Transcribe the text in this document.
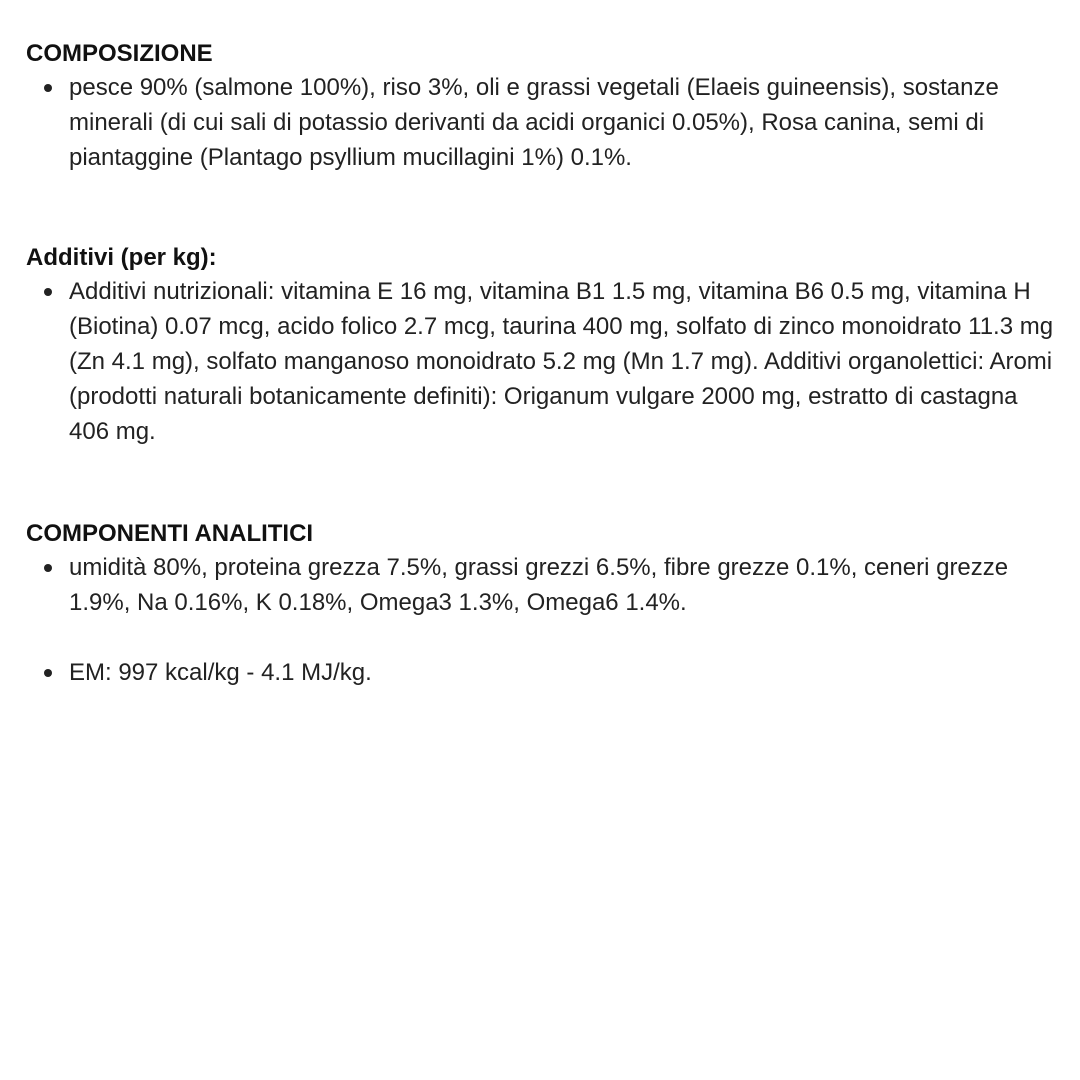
COMPOSIZIONE
pesce 90% (salmone 100%), riso 3%, oli e grassi vegetali (Elaeis guineensis), sostanze minerali (di cui sali di potassio derivanti da acidi organici 0.05%), Rosa canina, semi di piantaggine (Plantago psyllium mucillagini 1%) 0.1%.
Additivi (per kg):
Additivi nutrizionali: vitamina E 16 mg, vitamina B1 1.5 mg, vitamina B6 0.5 mg, vitamina H (Biotina) 0.07 mcg, acido folico 2.7 mcg, taurina 400 mg, solfato di zinco monoidrato 11.3 mg (Zn 4.1 mg), solfato manganoso monoidrato 5.2 mg (Mn 1.7 mg). Additivi organolettici: Aromi (prodotti naturali botanicamente definiti): Origanum vulgare 2000 mg, estratto di castagna 406 mg.
COMPONENTI ANALITICI
umidità 80%, proteina grezza 7.5%, grassi grezzi 6.5%, fibre grezze 0.1%, ceneri grezze 1.9%, Na 0.16%, K 0.18%, Omega3 1.3%, Omega6 1.4%.
EM: 997 kcal/kg - 4.1 MJ/kg.
